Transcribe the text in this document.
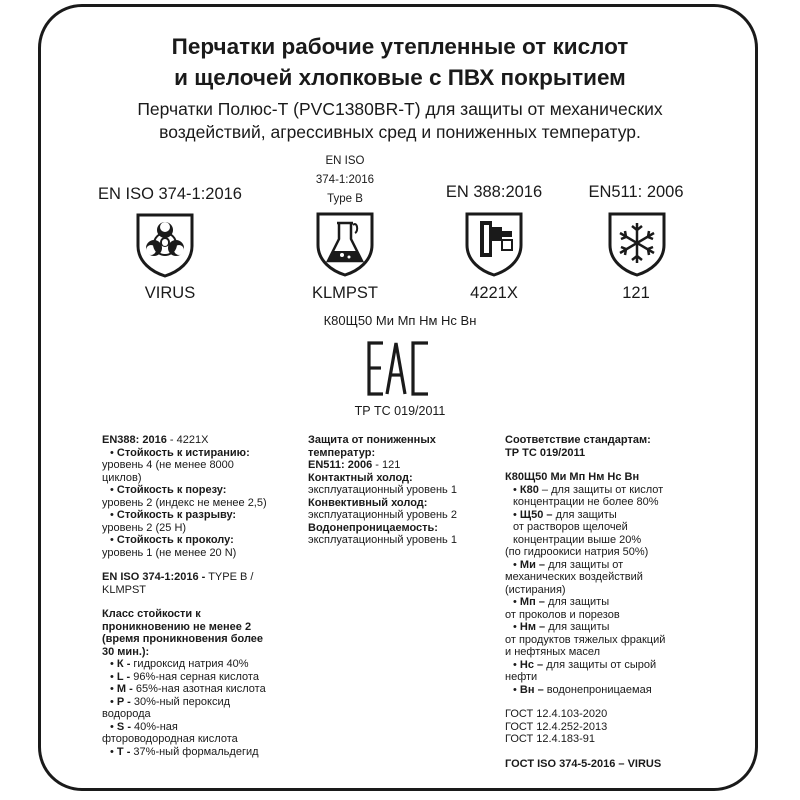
Перчатки рабочие утепленные от кислот
и щелочей хлопковые с ПВХ покрытием
Перчатки Полюс-Т (PVC1380BR-T) для защиты от механических
воздействий, агрессивных сред и пониженных температур.
EN ISO 374-1:2016
VIRUS
EN ISO
374-1:2016
Type B
KLMPST
EN 388:2016
4221X
EN511: 2006
121
К80Щ50 Ми Мп Нм Нс Вн
ТР ТС 019/2011
EN388: 2016 - 4221X
• Стойкость к истиранию:
уровень 4 (не менее 8000
циклов)
• Стойкость к порезу:
уровень 2 (индекс не менее 2,5)
• Стойкость к разрыву:
уровень 2 (25 Н)
• Стойкость к проколу:
уровень 1 (не менее 20 N)
EN ISO 374-1:2016 - TYPE B /
KLMPST
Класс стойкости к
проникновению не менее 2
(время проникновения более
30 мин.):
• К - гидроксид натрия 40%
• L - 96%-ная серная кислота
• M - 65%-ная азотная кислота
• P - 30%-ный пероксид
водорода
• S - 40%-ная
фтороводородная кислота
• T - 37%-ный формальдегид
Защита от пониженных
температур:
EN511: 2006 - 121
Контактный холод:
эксплуатационный уровень 1
Конвективный холод:
эксплуатационный уровень 2
Водонепроницаемость:
эксплуатационный уровень 1
Соответствие стандартам:
ТР ТС 019/2011
К80Щ50 Ми Мп Нм Нс Вн
• К80 – для защиты от кислот
концентрации не более 80%
• Щ50 – для защиты
от растворов щелочей
концентрации выше 20%
(по гидроокиси натрия 50%)
• Ми – для защиты от
механических воздействий
(истирания)
• Мп – для защиты
от проколов и порезов
• Нм – для защиты
от продуктов тяжелых фракций
и нефтяных масел
• Нс – для защиты от сырой
нефти
• Вн – водонепроницаемая
ГОСТ 12.4.103-2020
ГОСТ 12.4.252-2013
ГОСТ 12.4.183-91
ГОСТ ISO 374-5-2016 – VIRUS
